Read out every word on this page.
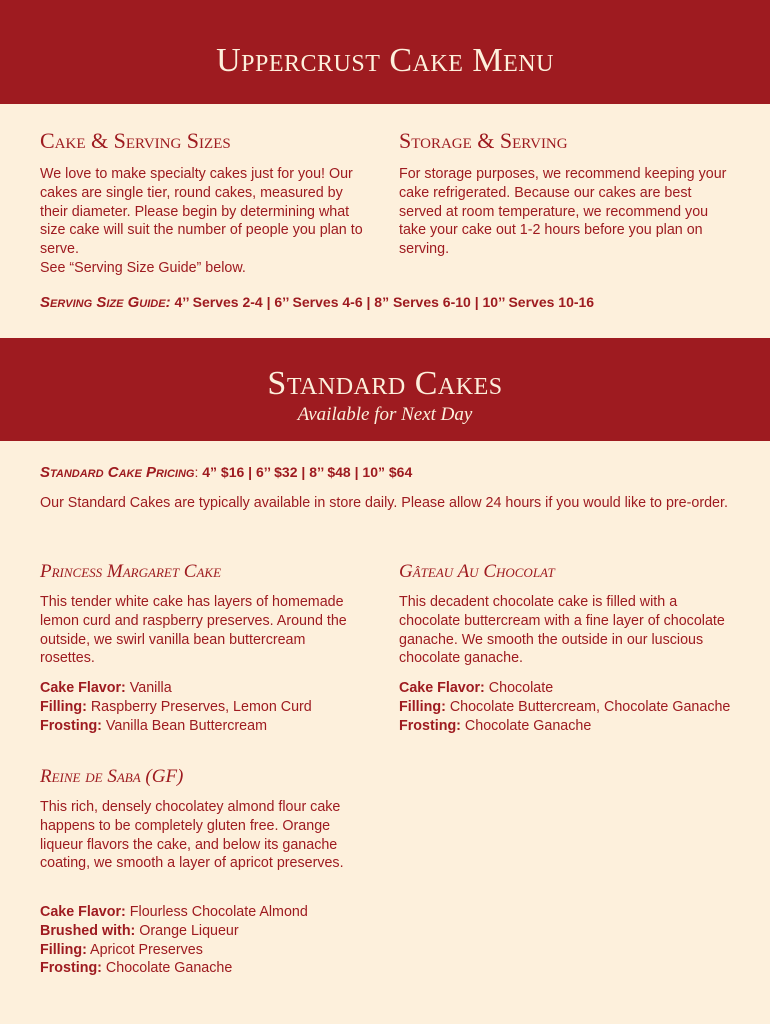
Uppercrust Cake Menu
Cake & Serving Sizes
We love to make specialty cakes just for you! Our cakes are single tier, round cakes, measured by their diameter. Please begin by determining what size cake will suit the number of people you plan to serve.
See “Serving Size Guide” below.
Storage & Serving
For storage purposes, we recommend keeping your cake refrigerated. Because our cakes are best served at room temperature, we recommend you take your cake out 1-2 hours before you plan on serving.
Serving Size Guide: 4’’ Serves 2-4 | 6’’ Serves 4-6 | 8” Serves 6-10 | 10’’ Serves 10-16
Standard Cakes
Available for Next Day
Standard Cake Pricing: 4” $16 | 6’’ $32 | 8’’ $48 | 10” $64
Our Standard Cakes are typically available in store daily. Please allow 24 hours if you would like to pre-order.
Princess Margaret Cake
This tender white cake has layers of homemade lemon curd and raspberry preserves. Around the outside, we swirl vanilla bean buttercream rosettes.

Cake Flavor: Vanilla

Filling: Raspberry Preserves, Lemon Curd

Frosting: Vanilla Bean Buttercream

Gâteau Au Chocolat
This decadent chocolate cake is filled with a chocolate buttercream with a fine layer of chocolate ganache. We smooth the outside in our luscious chocolate ganache.

Cake Flavor: Chocolate

Filling: Chocolate Buttercream, Chocolate Ganache

Frosting: Chocolate Ganache

Reine de Saba (GF)
This rich, densely chocolatey almond flour cake happens to be completely gluten free. Orange liqueur flavors the cake, and below its ganache coating, we smooth a layer of apricot preserves.

Cake Flavor: Flourless Chocolate Almond

Brushed with: Orange Liqueur

Filling: Apricot Preserves

Frosting: Chocolate Ganache
